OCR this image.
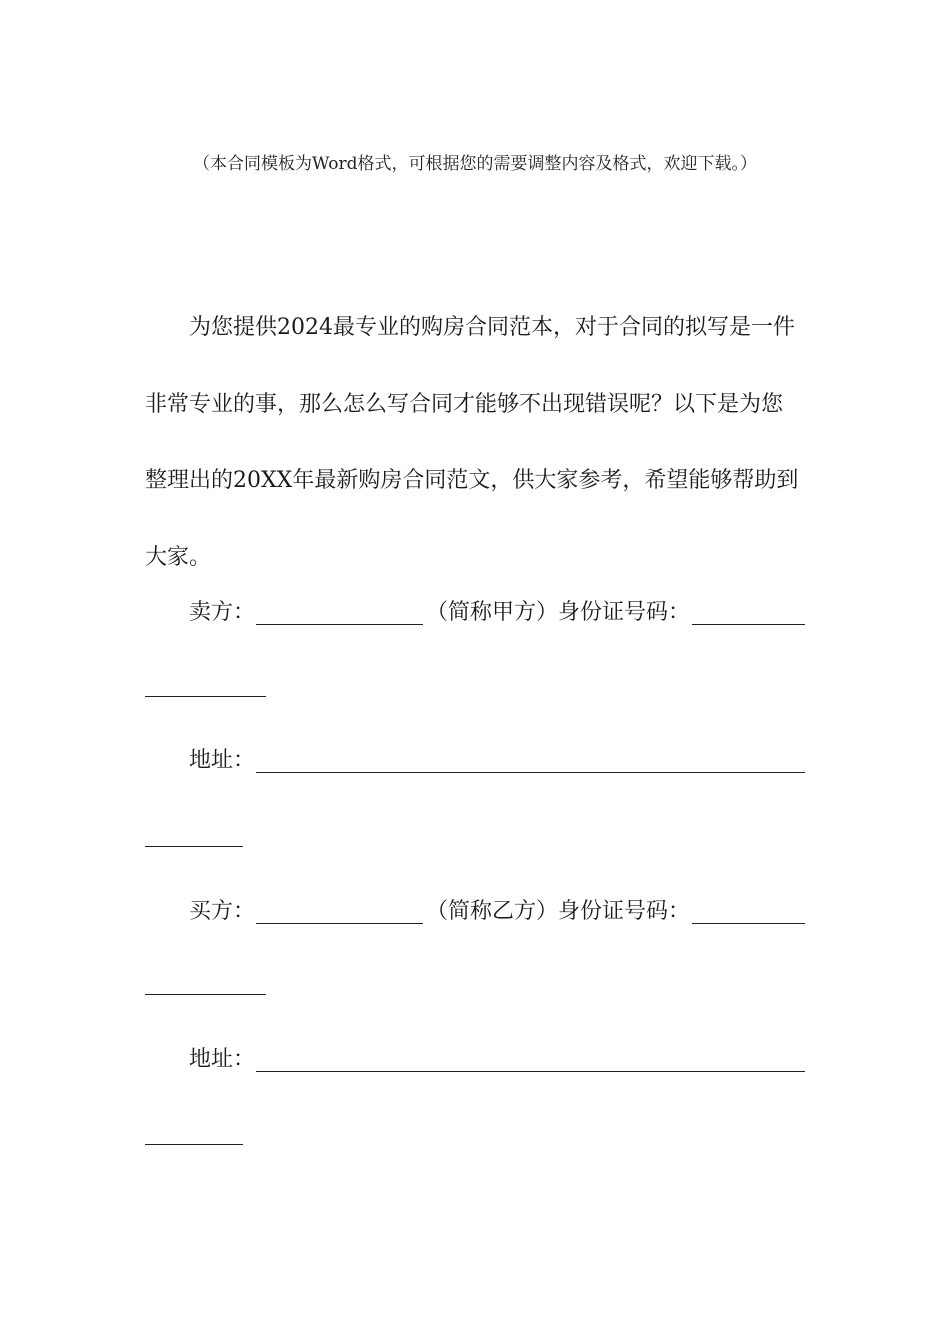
（本合同模板为Word格式，可根据您的需要调整内容及格式，欢迎下载。）
为您提供2024最专业的购房合同范本，对于合同的拟写是一件
非常专业的事，那么怎么写合同才能够不出现错误呢？以下是为您
整理出的20XX年最新购房合同范文，供大家参考，希望能够帮助到
大家。
卖方：	（简称甲方） 身份证号码：
地址：
买方：	（简称乙方） 身份证号码：
地址：
